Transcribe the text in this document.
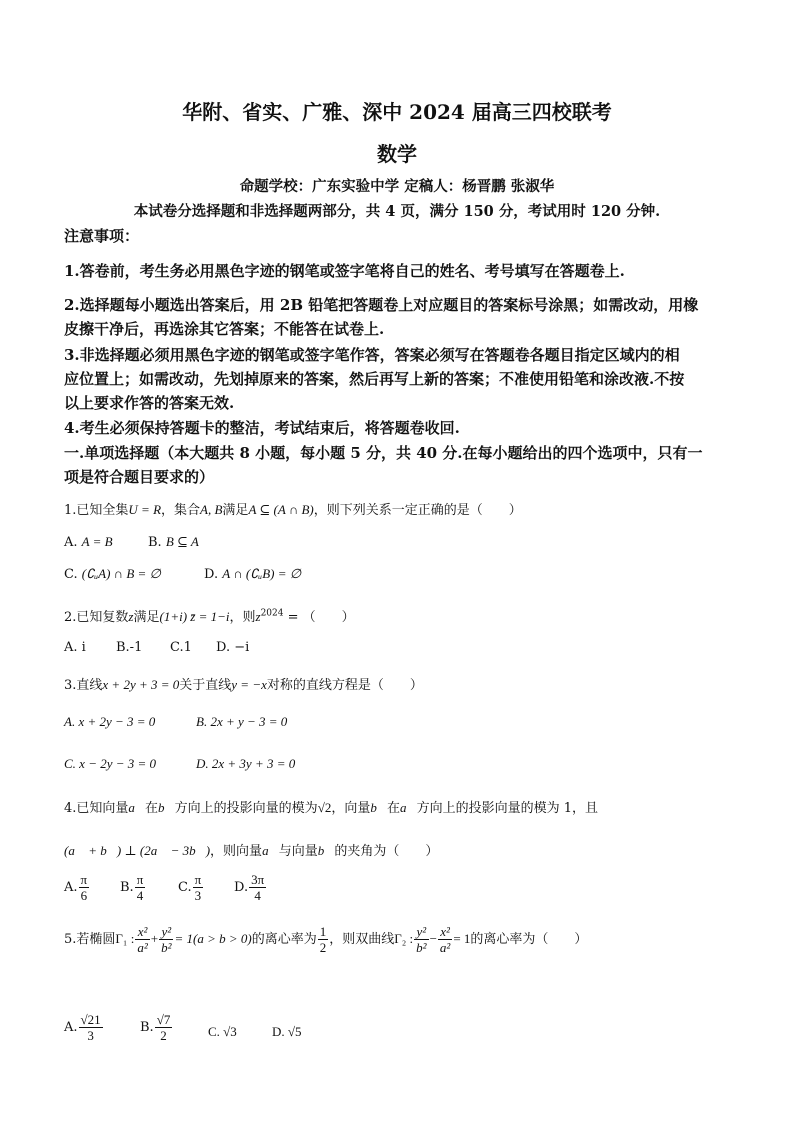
华附、省实、广雅、深中 2024 届高三四校联考
数学
命题学校：广东实验中学 定稿人：杨晋鹏 张淑华
本试卷分选择题和非选择题两部分，共 4 页，满分 150 分，考试用时 120 分钟.
注意事项：
1.答卷前，考生务必用黑色字迹的钢笔或签字笔将自己的姓名、考号填写在答题卷上.
2.选择题每小题选出答案后，用 2B 铅笔把答题卷上对应题目的答案标号涂黑；如需改动，用橡
皮擦干净后，再选涂其它答案；不能答在试卷上.
3.非选择题必须用黑色字迹的钢笔或签字笔作答，答案必须写在答题卷各题目指定区域内的相
应位置上；如需改动，先划掉原来的答案，然后再写上新的答案；不准使用铅笔和涂改液.不按
以上要求作答的答案无效.
4.考生必须保持答题卡的整洁，考试结束后，将答题卷收回.
一.单项选择题（本大题共 8 小题，每小题 5 分，共 40 分.在每小题给出的四个选项中，只有一
项是符合题目要求的）
1.已知全集U = R，集合A, B满足A ⊆ (A ∩ B)，则下列关系一定正确的是（　　）
A. A = B	B. B ⊆ A
C. (∁ᵤA) ∩ B = ∅	D. A ∩ (∁ᵤB) = ∅
2.已知复数z满足(1+i) z̄ = 1−i，则$z^{2024}$ = （　　）
A. i B.-1 C.1 D. −i
3.直线x + 2y + 3 = 0关于直线y = −x对称的直线方程是（　　）
A. x + 2y − 3 = 0	B. 2x + y − 3 = 0
C. x − 2y − 3 = 0	D. 2x + 3y + 3 = 0
4.已知向量a⃗在b⃗方向上的投影向量的模为√2，向量b⃗在a⃗方向上的投影向量的模为 1，且
(a⃗ + b⃗) ⊥ (2a⃗ − 3b⃗)，则向量a⃗与向量b⃗的夹角为（　　）
A. $\frac{\pi}{6} B$. $\frac{\pi}{4}$	C. $\frac{\pi}{3} D$. $\frac{3\pi}{4}$
5.若椭圆Γ₁ : $\frac{\text{x²}}{\text{a²}} + \frac{\text{y²}}{\text{b²}} = 1(a > b > 0)$的离心率为 $\frac{1}{2}$ ，则双曲线Γ₂ : $\frac{\text{y²}}{\text{b²}} - \frac{\text{x²}}{\text{a²}} = 1$的离心率为（　　）
A. $\frac{√21}{3}$	B. $\frac{√7}{2}$	C. √3	D. √5
